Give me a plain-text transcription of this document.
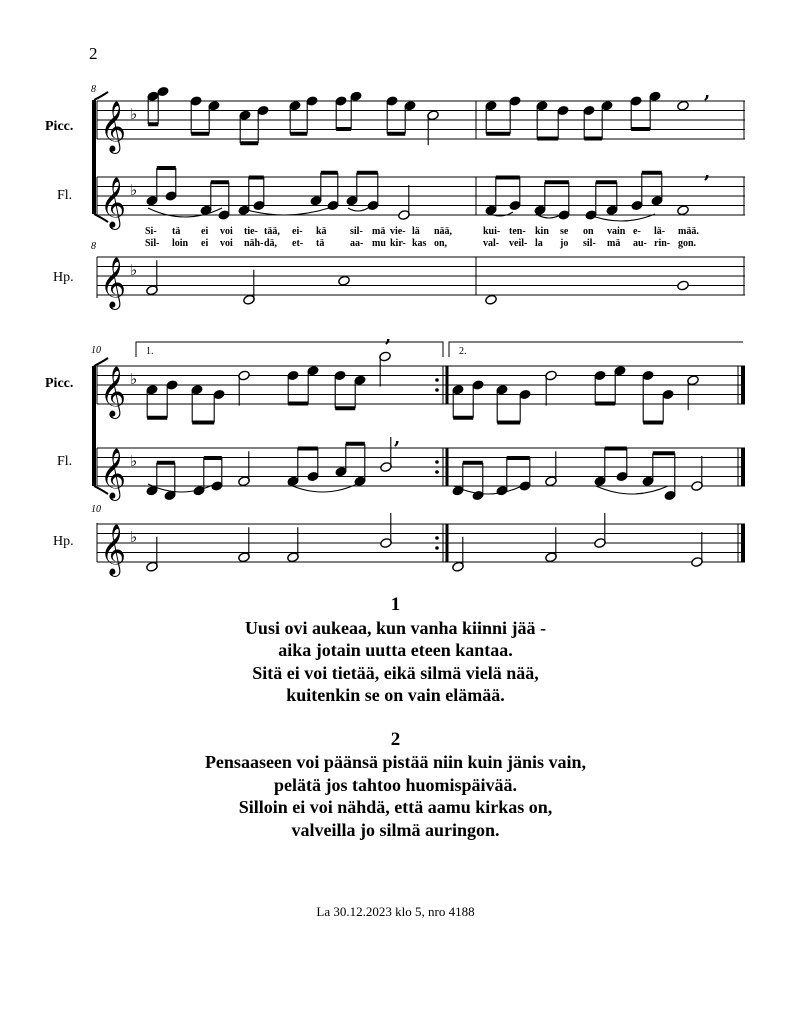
2
8
8
Picc.
Fl.
Hp.
𝄞 ♭
𝄞 ♭
𝄞 ♭
,
,
Si- tä ei voi tie- tää, ei- kä sil- mä vie- lä nää,	kui- ten- kin se on vain e- lä- mää.
Sil- loin ei voi näh- dä, et- tä	aa- mu kir- kas on,	val- veil- la jo sil- mä au- rin- gon.
10
10
Picc.
Fl.
Hp.
𝄞 ♭
𝄞 ♭
𝄞 ♭
1.	2.
,
,
1
Uusi ovi aukeaa, kun vanha kiinni jää -
aika jotain uutta eteen kantaa.
Sitä ei voi tietää, eikä silmä vielä nää,
kuitenkin se on vain elämää.
2
Pensaaseen voi päänsä pistää niin kuin jänis vain,
pelätä jos tahtoo huomispäivää.
Silloin ei voi nähdä, että aamu kirkas on,
valveilla jo silmä auringon.
La 30.12.2023 klo 5, nro 4188
